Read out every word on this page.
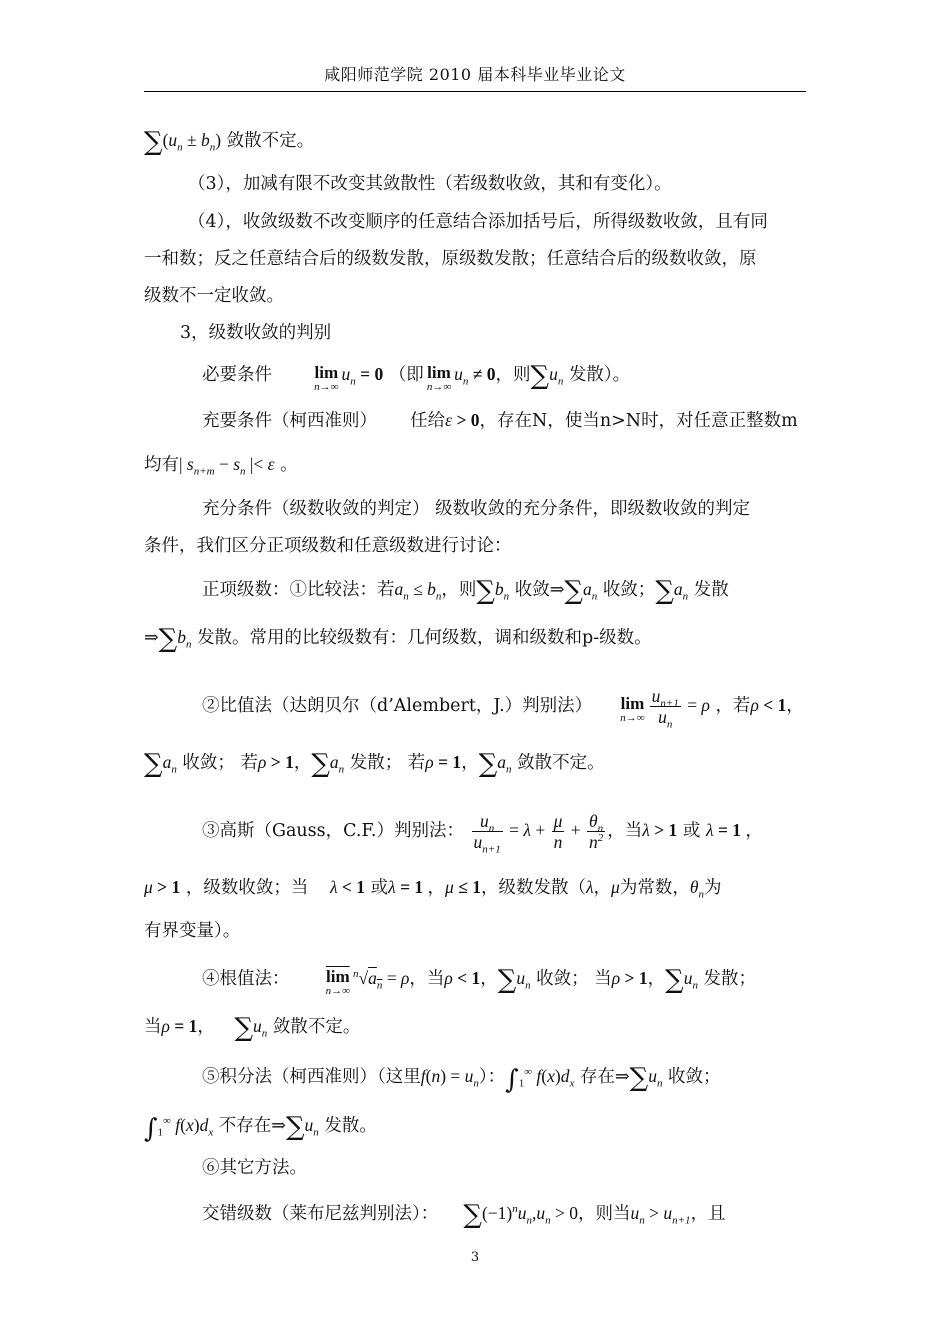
咸阳师范学院 2010 届本科毕业毕业论文
$\sum(u_n \pm b_n)$ 敛散不定。
（3），加减有限不改变其敛散性（若级数收敛，其和有变化）。
（4），收敛级数不改变顺序的任意结合添加括号后，所得级数收敛，且有同
一和数；反之任意结合后的级数发散，原级数发散；任意结合后的级数收敛，原
级数不一定收敛。
3，级数收敛的判别
必要条件	lim
n→∞
$u_n = 0$ （即 lim
n→∞
$u_n \ne 0$，则$\sum u_n$ 发散）。
充要条件（柯西准则） 任给ε > 0，存在N，使当n>N时，对任意正整数m
均有| $s_{n+m} - s_n$ |< ε 。
充分条件（级数收敛的判定） 级数收敛的充分条件，即级数收敛的判定
条件，我们区分正项级数和任意级数进行讨论：
正项级数：①比较法：若$a_n \le b_n$，则$\sum b_n$ 收敛$\Rightarrow\sum a_n$ 收敛；$\sum a_n$ 发散
$\Rightarrow\sum b_n$ 发散。常用的比较级数有：几何级数，调和级数和p-级数。
②比值法（达朗贝尔（d’Alembert，J.）判别法） lim
$n\to\infty \frac{u_{n+1}}{u_n} = \rho$ ，若ρ < 1，
$\sum a_n$ 收敛； 若ρ > 1，$\sum a_n$ 发散； 若ρ = 1，$\sum a_n$ 敛散不定。
③高斯（Gauss，C.F.）判别法： $\frac{u_n}{u_{n+1}} = \lambda + \frac{\mu}{n} + \frac{\theta_n}{n^2}$ ，当λ > 1 或 λ = 1 ，
μ > 1 ，级数收敛；当 λ < 1 或λ = 1 ，μ ≤ 1，级数发散（λ，μ为常数，$\theta_n$为
有界变量）。
④根值法： $\overline{lim}$
n→∞
$^n√a_n = \rho$，当ρ < 1，$\sum u_n$ 收敛； 当ρ > 1，$\sum u_n$ 发散；
当ρ = 1， $\sum u_n$ 敛散不定。
⑤积分法（柯西准则）（这里$f(n) = u_n$）：$\int_1^\infty$ $f(x)d_x$ 存在$\Rightarrow\sum u_n$ 收敛；
$\int_1^\infty$ $f(x)d_x$ 不存在$\Rightarrow\sum u_n$ 发散。
⑥其它方法。
交错级数（莱布尼兹判别法）： $\sum(-1)^nu_n,u_n > 0$，则当$u_n > u_{n+1}$，且
3
